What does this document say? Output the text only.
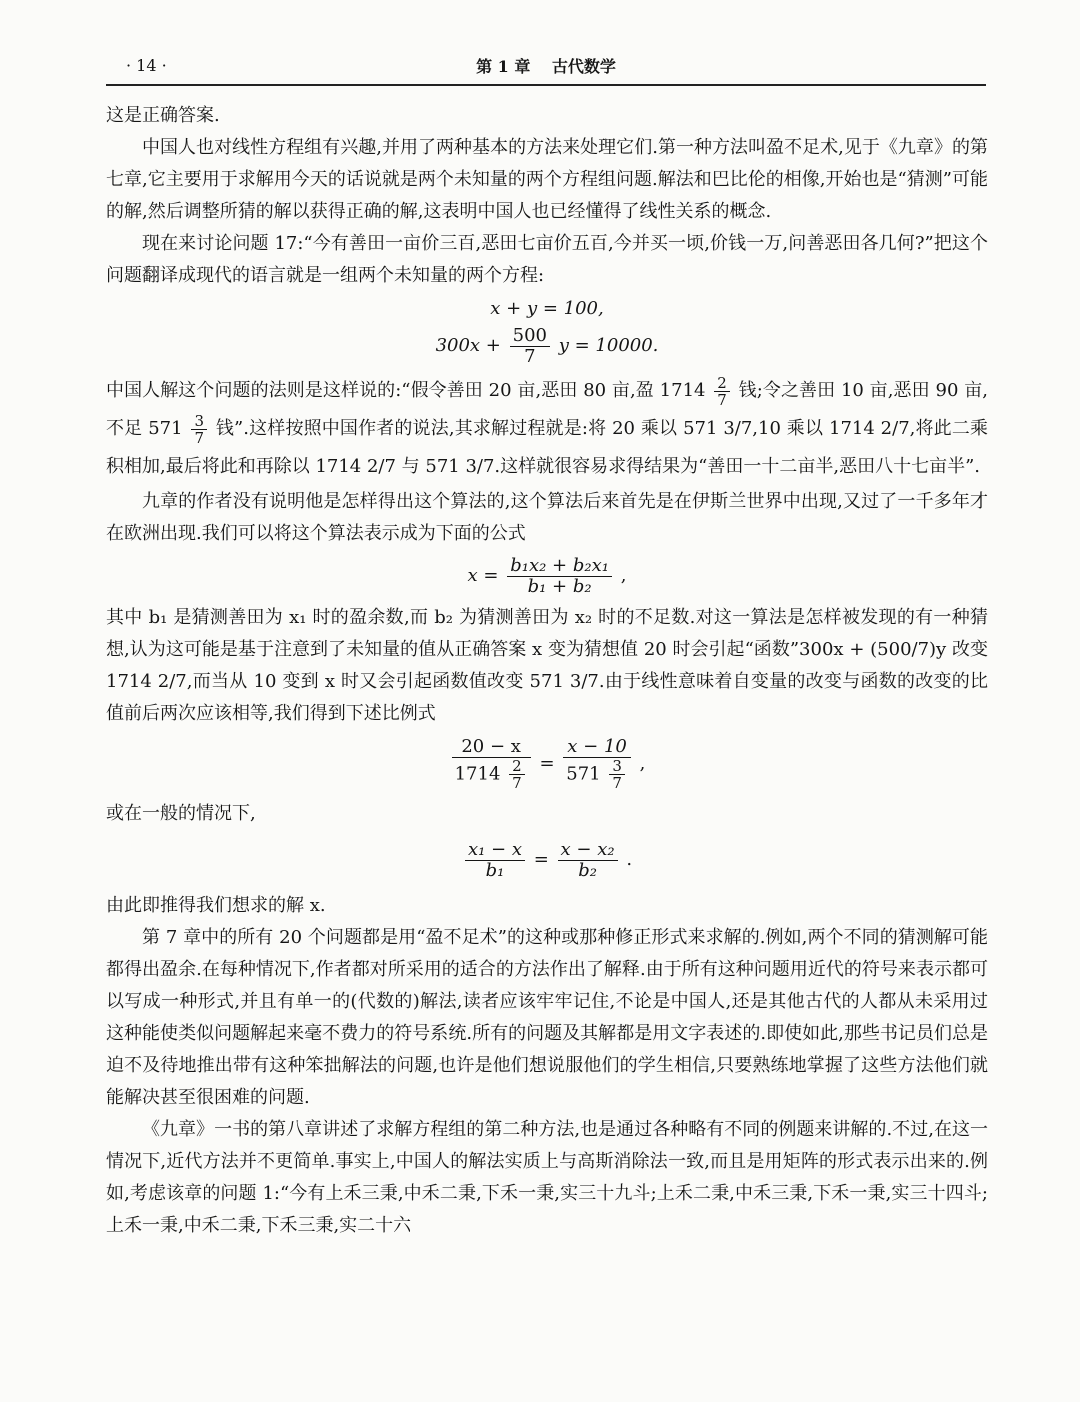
· 14 ·	第 1 章　 古代数学

这是正确答案.

中国人也对线性方程组有兴趣,并用了两种基本的方法来处理它们.第一种方法叫盈不足术,见于《九章》的第七章,它主要用于求解用今天的话说就是两个未知量的两个方程组问题.解法和巴比伦的相像,开始也是“猜测”可能的解,然后调整所猜的解以获得正确的解,这表明中国人也已经懂得了线性关系的概念.

现在来讨论问题 17:“今有善田一亩价三百,恶田七亩价五百,今并买一顷,价钱一万,问善恶田各几何?”把这个问题翻译成现代的语言就是一组两个未知量的两个方程:

x + y = 100,
$300x + \frac{500}{7}$ y = 10000.

中国人解这个问题的法则是这样说的:“假令善田 20 亩,恶田 80 亩,盈 $1714 \frac{2}{7}$ 钱;令之善田 10 亩,恶田 90 亩,不足 $571 \frac{3}{7}$ 钱”.这样按照中国作者的说法,其求解过程就是:将 20 乘以 571 3/7,10 乘以 1714 2/7,将此二乘积相加,最后将此和再除以 1714 2/7 与 571 3/7.这样就很容易求得结果为“善田一十二亩半,恶田八十七亩半”.

九章的作者没有说明他是怎样得出这个算法的,这个算法后来首先是在伊斯兰世界中出现,又过了一千多年才在欧洲出现.我们可以将这个算法表示成为下面的公式

$x = \frac{\text{b₁x₂ + b₂x₁}}{\text{b₁ + b₂}}$ ,

其中 b₁ 是猜测善田为 x₁ 时的盈余数,而 b₂ 为猜测善田为 x₂ 时的不足数.对这一算法是怎样被发现的有一种猜想,认为这可能是基于注意到了未知量的值从正确答案 x 变为猜想值 20 时会引起“函数”300x + (500/7)y 改变 1714 2/7,而当从 10 变到 x 时又会引起函数值改变 571 3/7.由于线性意味着自变量的改变与函数的改变的比值前后两次应该相等,我们得到下述比例式

$\frac{20 - x}{1714 \frac{2}{7}} = \frac{x - 10}{571 \frac{3}{7}}$ ,

或在一般的情况下,

$\frac{\text{x₁ − x}}{\text{b₁}} = \frac{\text{x − x₂}}{\text{b₂}}$ .

由此即推得我们想求的解 x.

第 7 章中的所有 20 个问题都是用“盈不足术”的这种或那种修正形式来求解的.例如,两个不同的猜测解可能都得出盈余.在每种情况下,作者都对所采用的适合的方法作出了解释.由于所有这种问题用近代的符号来表示都可以写成一种形式,并且有单一的(代数的)解法,读者应该牢牢记住,不论是中国人,还是其他古代的人都从未采用过这种能使类似问题解起来毫不费力的符号系统.所有的问题及其解都是用文字表述的.即使如此,那些书记员们总是迫不及待地推出带有这种笨拙解法的问题,也许是他们想说服他们的学生相信,只要熟练地掌握了这些方法他们就能解决甚至很困难的问题.

《九章》一书的第八章讲述了求解方程组的第二种方法,也是通过各种略有不同的例题来讲解的.不过,在这一情况下,近代方法并不更简单.事实上,中国人的解法实质上与高斯消除法一致,而且是用矩阵的形式表示出来的.例如,考虑该章的问题 1:“今有上禾三秉,中禾二秉,下禾一秉,实三十九斗;上禾二秉,中禾三秉,下禾一秉,实三十四斗;上禾一秉,中禾二秉,下禾三秉,实二十六
